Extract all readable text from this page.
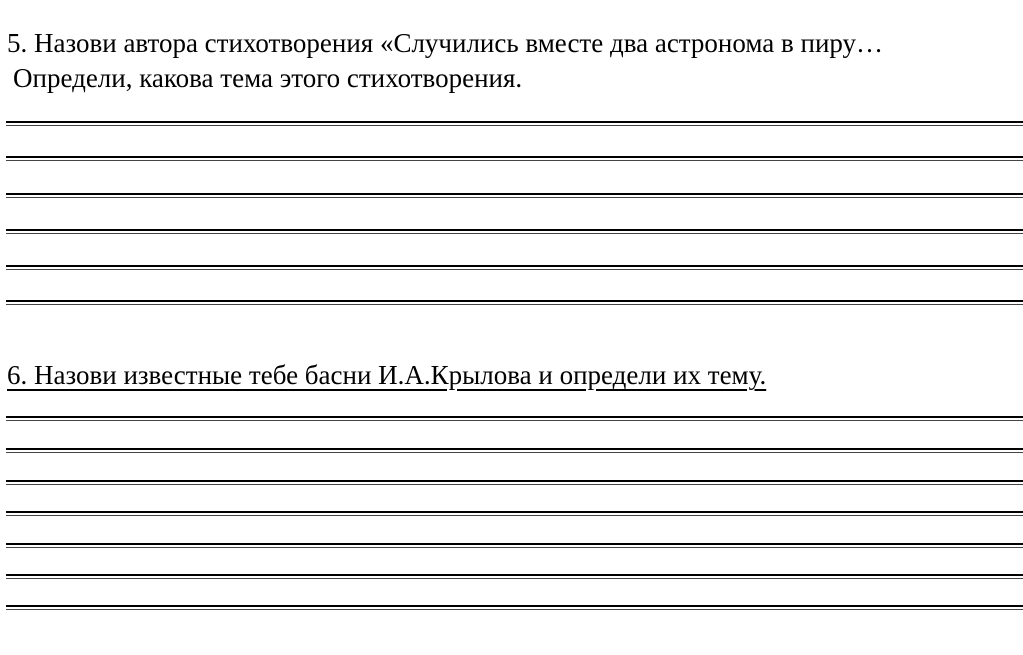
5. Назови автора стихотворения «Случились вместе два астронома в пиру…

Определи, какова тема этого стихотворения.

6. Назови известные тебе басни И.А.Крылова и определи их тему.
